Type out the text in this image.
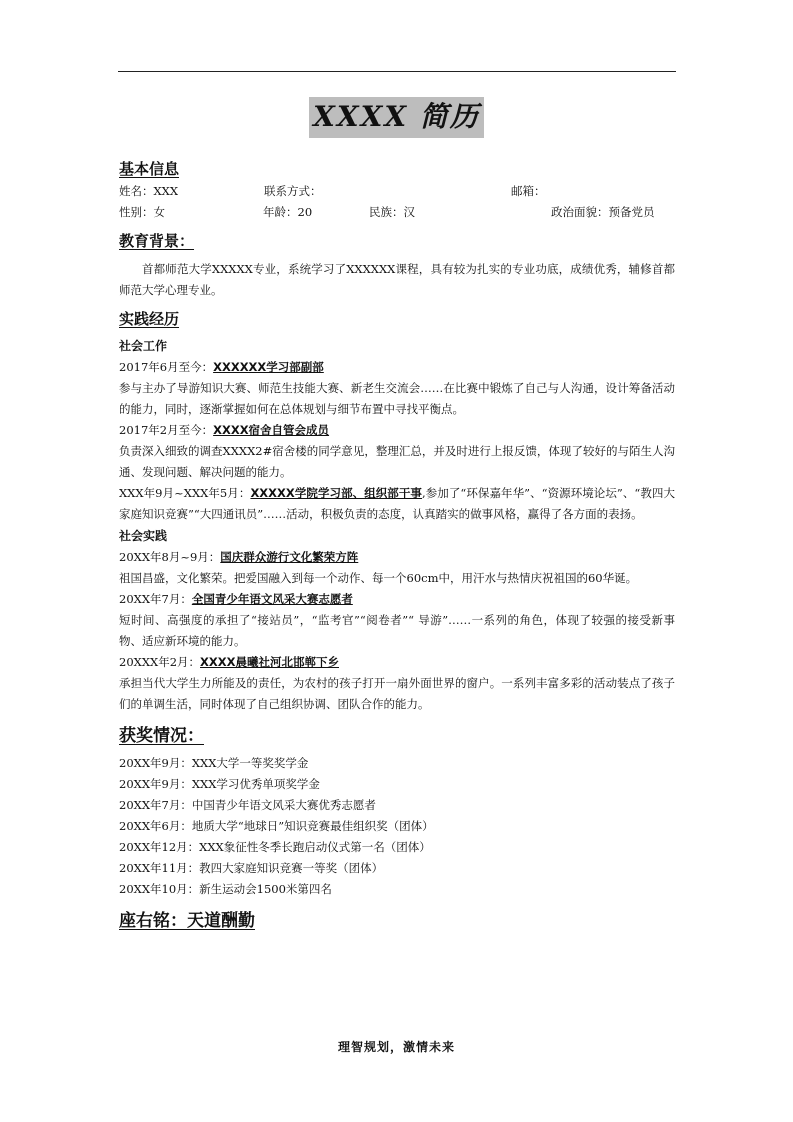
XXXX 简历
基本信息
姓名：XXX	联系方式：	邮箱：
性别：女	年龄：20	民族：汉	政治面貌：预备党员
教育背景：

首都师范大学XXXXX专业，系统学习了XXXXXX课程，具有较为扎实的专业功底，成绩优秀，辅修首都师范大学心理专业。

实践经历
社会工作
2017年6月至今：XXXXXX学习部副部

参与主办了导游知识大赛、师范生技能大赛、新老生交流会……在比赛中锻炼了自己与人沟通，设计筹备活动的能力，同时，逐渐掌握如何在总体规划与细节布置中寻找平衡点。

2017年2月至今：XXXX宿舍自管会成员

负责深入细致的调查XXXX2#宿舍楼的同学意见，整理汇总，并及时进行上报反馈，体现了较好的与陌生人沟通、发现问题、解决问题的能力。

XXX年9月~XXX年5月：XXXXX学院学习部、组织部干事,参加了“环保嘉年华”、“资源环境论坛”、“教四大家庭知识竞赛”“大四通讯员”……活动，积极负责的态度，认真踏实的做事风格，赢得了各方面的表扬。

社会实践
20XX年8月~9月：国庆群众游行文化繁荣方阵

祖国昌盛，文化繁荣。把爱国融入到每一个动作、每一个60cm中，用汗水与热情庆祝祖国的60华诞。

20XX年7月：全国青少年语文风采大赛志愿者

短时间、高强度的承担了“接站员”，“监考官”“阅卷者”“ 导游”……一系列的角色，体现了较强的接受新事物、适应新环境的能力。

20XXX年2月：XXXX晨曦社河北邯郸下乡

承担当代大学生力所能及的责任，为农村的孩子打开一扇外面世界的窗户。一系列丰富多彩的活动装点了孩子们的单调生活，同时体现了自己组织协调、团队合作的能力。

获奖情况：
20XX年9月：XXX大学一等奖奖学金
20XX年9月：XXX学习优秀单项奖学金
20XX年7月：中国青少年语文风采大赛优秀志愿者
20XX年6月：地质大学“地球日”知识竞赛最佳组织奖（团体）
20XX年12月：XXX象征性冬季长跑启动仪式第一名（团体）
20XX年11月：教四大家庭知识竞赛一等奖（团体）
20XX年10月：新生运动会1500米第四名
座右铭：天道酬勤
理智规划，激情未来
